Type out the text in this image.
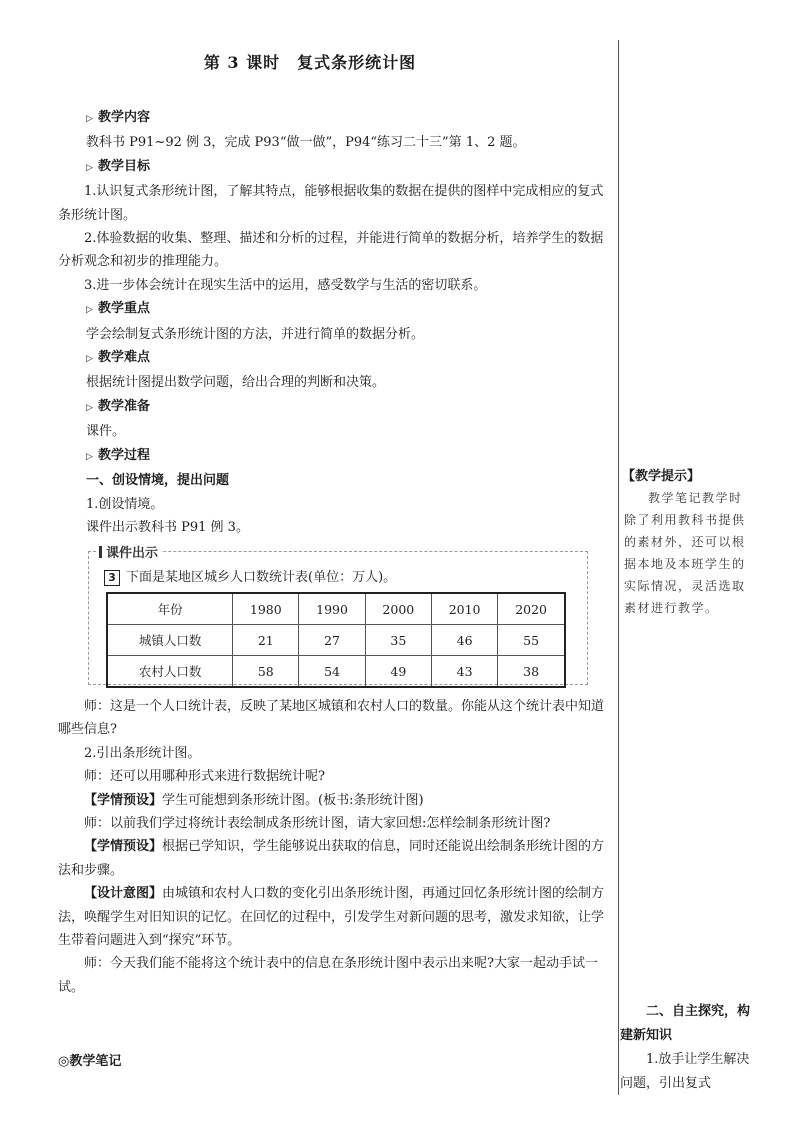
第 3 课时　复式条形统计图

▷ 教学内容

教科书 P91~92 例 3，完成 P93“做一做”，P94“练习二十三”第 1、2 题。

▷ 教学目标

1.认识复式条形统计图，了解其特点，能够根据收集的数据在提供的图样中完成相应的复式条形统计图。

2.体验数据的收集、整理、描述和分析的过程，并能进行简单的数据分析，培养学生的数据分析观念和初步的推理能力。

3.进一步体会统计在现实生活中的运用，感受数学与生活的密切联系。

▷ 教学重点

学会绘制复式条形统计图的方法，并进行简单的数据分析。

▷ 教学难点

根据统计图提出数学问题，给出合理的判断和决策。

▷ 教学准备

课件。

▷ 教学过程

一、创设情境，提出问题

1.创设情境。

课件出示教科书 P91 例 3。

课件出示
3 下面是某地区城乡人口数统计表(单位：万人)。
年份	1980	1990	2000	2010	2020
城镇人口数	21	27	35	46	55
农村人口数	58	54	49	43	38

师：这是一个人口统计表，反映了某地区城镇和农村人口的数量。你能从这个统计表中知道哪些信息?

2.引出条形统计图。

师：还可以用哪种形式来进行数据统计呢?

【学情预设】学生可能想到条形统计图。(板书:条形统计图)

师：以前我们学过将统计表绘制成条形统计图，请大家回想:怎样绘制条形统计图?

【学情预设】根据已学知识，学生能够说出获取的信息，同时还能说出绘制条形统计图的方法和步骤。

【设计意图】由城镇和农村人口数的变化引出条形统计图，再通过回忆条形统计图的绘制方法，唤醒学生对旧知识的记忆。在回忆的过程中，引发学生对新问题的思考，激发求知欲，让学生带着问题进入到“探究”环节。

师：今天我们能不能将这个统计表中的信息在条形统计图中表示出来呢?大家一起动手试一试。

【教学提示】

教学笔记教学时除了利用教科书提供的素材外，还可以根据本地及本班学生的实际情况，灵活选取素材进行教学。

二、自主探究，构建新知识

1.放手让学生解决问题，引出复式

◎教学笔记
